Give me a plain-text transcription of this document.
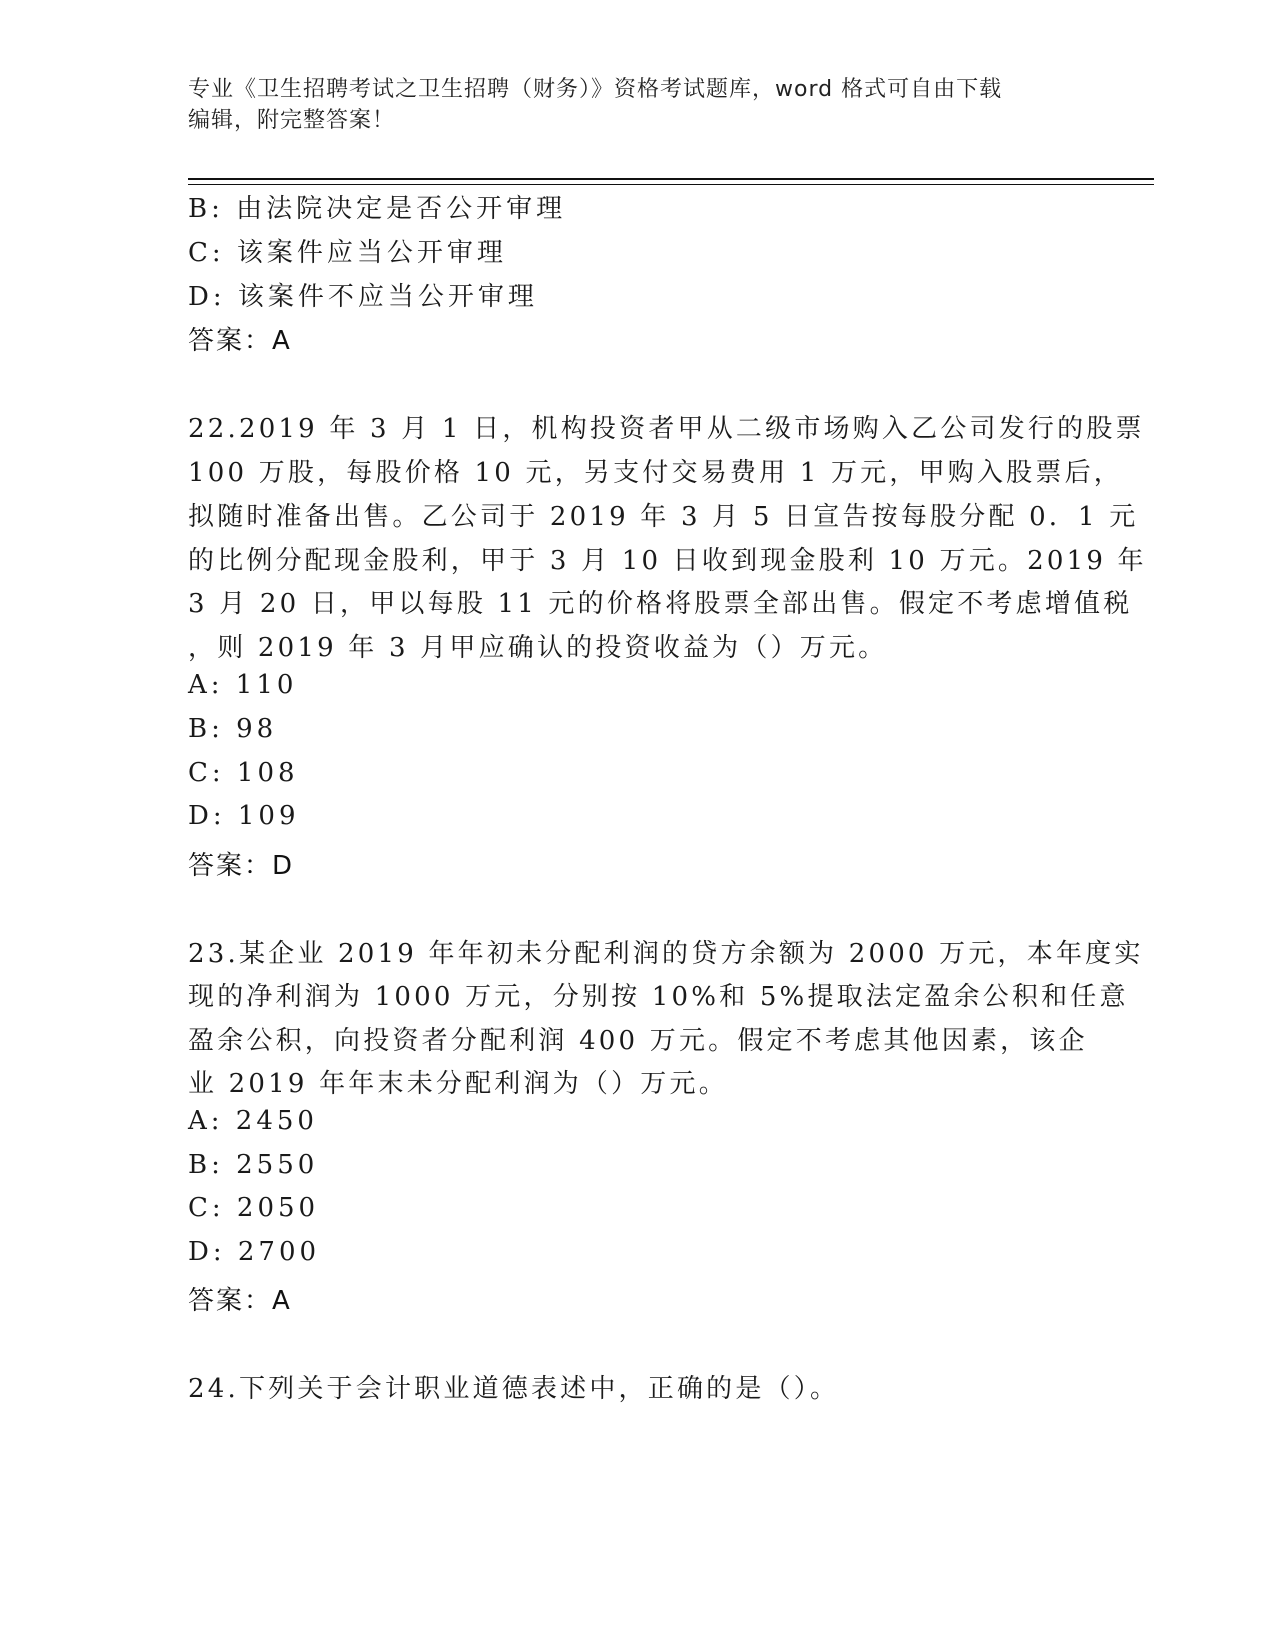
专业《卫生招聘考试之卫生招聘（财务）》资格考试题库，word 格式可自由下载
编辑，附完整答案！
B: 由法院决定是否公开审理
C: 该案件应当公开审理
D: 该案件不应当公开审理
答案：A
22.2019 年 3 月 1 日，机构投资者甲从二级市场购入乙公司发行的股票
100 万股，每股价格 10 元，另支付交易费用 1 万元，甲购入股票后，
拟随时准备出售。乙公司于 2019 年 3 月 5 日宣告按每股分配 0．1 元
的比例分配现金股利，甲于 3 月 10 日收到现金股利 10 万元。2019 年
3 月 20 日，甲以每股 11 元的价格将股票全部出售。假定不考虑增值税
，则 2019 年 3 月甲应确认的投资收益为（）万元。
A: 110
B: 98
C: 108
D: 109
答案：D
23.某企业 2019 年年初未分配利润的贷方余额为 2000 万元，本年度实
现的净利润为 1000 万元，分别按 10%和 5%提取法定盈余公积和任意
盈余公积，向投资者分配利润 400 万元。假定不考虑其他因素，该企
业 2019 年年末未分配利润为（）万元。
A: 2450
B: 2550
C: 2050
D: 2700
答案：A
24.下列关于会计职业道德表述中，正确的是（）。
